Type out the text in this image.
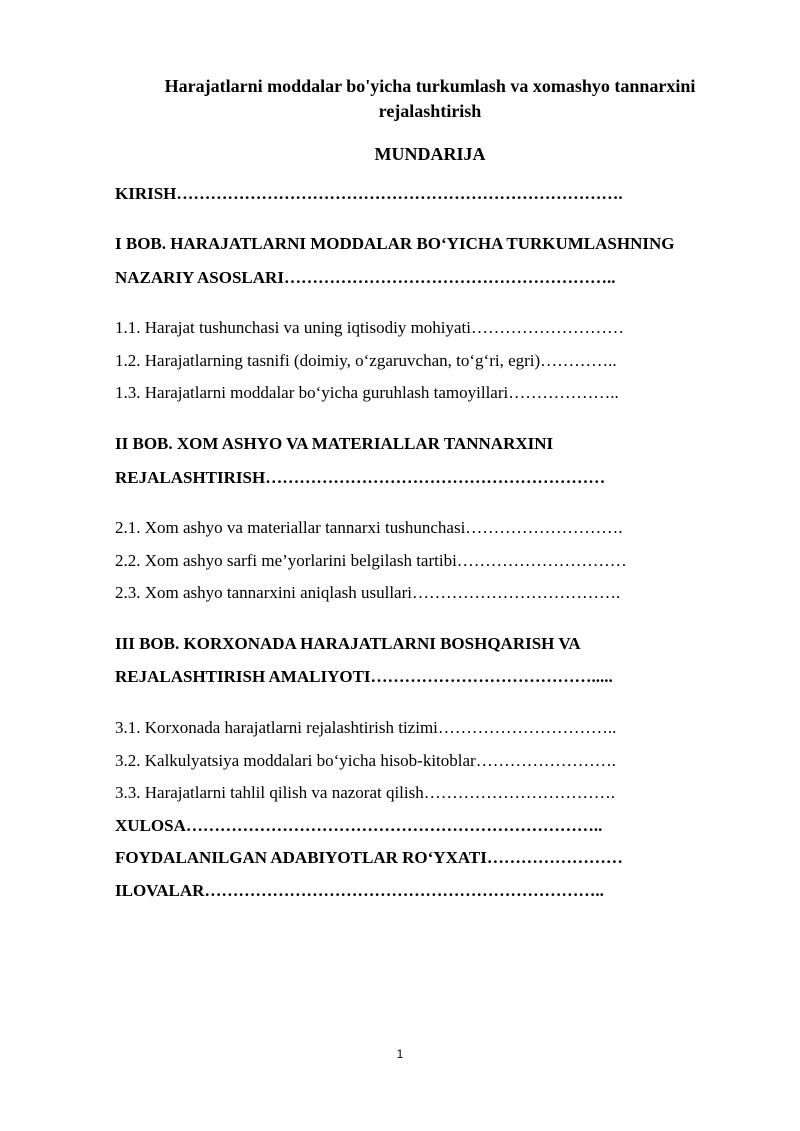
Harajatlarni moddalar bo'yicha turkumlash va xomashyo tannarxini
rejalashtirish
MUNDARIJA
KIRISH…………………………………………………………………….
I BOB. HARAJATLARNI MODDALAR BO‘YICHA TURKUMLASHNING
NAZARIY ASOSLARI…………………………………………………..
1.1. Harajat tushunchasi va uning iqtisodiy mohiyati………………………
1.2. Harajatlarning tasnifi (doimiy, o‘zgaruvchan, to‘g‘ri, egri)…………..
1.3. Harajatlarni moddalar bo‘yicha guruhlash tamoyillari………………..
II BOB. XOM ASHYO VA MATERIALLAR TANNARXINI
REJALASHTIRISH……………………………………………………
2.1. Xom ashyo va materiallar tannarxi tushunchasi……………………….
2.2. Xom ashyo sarfi me’yorlarini belgilash tartibi…………………………
2.3. Xom ashyo tannarxini aniqlash usullari……………………………….
III BOB. KORXONADA HARAJATLARNI BOSHQARISH VA
REJALASHTIRISH AMALIYOTI………………………………….....
3.1. Korxonada harajatlarni rejalashtirish tizimi…………………………..
3.2. Kalkulyatsiya moddalari bo‘yicha hisob-kitoblar…………………….
3.3. Harajatlarni tahlil qilish va nazorat qilish…………………………….
XULOSA………………………………………………………………..
FOYDALANILGAN ADABIYOTLAR RO‘YXATI……………………
ILOVALAR……………………………………………………………..
1
